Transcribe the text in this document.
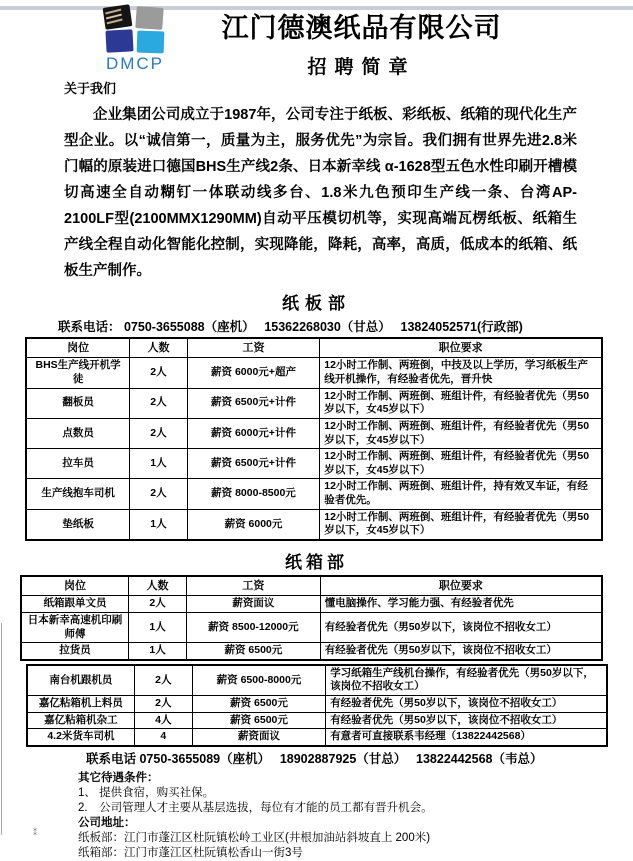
DMCP
江门德澳纸品有限公司
招聘简章
关于我们
企业集团公司成立于1987年，公司专注于纸板、彩纸板、纸箱的现代化生产型企业。以“诚信第一，质量为主，服务优先”为宗旨。我们拥有世界先进2.8米门幅的原装进口德国BHS生产线2条、日本新幸线 α-1628型五色水性印刷开槽模切高速全自动糊钉一体联动线多台、1.8米九色预印生产线一条、台湾AP-2100LF型(2100MMX1290MM)自动平压模切机等，实现高端瓦楞纸板、纸箱生产线全程自动化智能化控制，实现降能，降耗，高率，高质，低成本的纸箱、纸板生产制作。
纸板部
联系电话： 0750-3655088（座机）　 15362268030（甘总）　 13824052571(行政部)
岗位	人数	工资	职位要求
BHS生产线开机学徒	2人	薪资 6000元+超产	12小时工作制、两班倒，中技及以上学历，学习纸板生产线开机操作，有经验者优先，晋升快
翻板员	2人	薪资 6500元+计件	12小时工作制、两班倒、班组计件，有经验者优先（男50岁以下，女45岁以下）
点数员	2人	薪资 6000元+计件	12小时工作制、两班倒、班组计件，有经验者优先（男50岁以下，女45岁以下）
拉车员	1人	薪资 6500元+计件	12小时工作制、两班倒、班组计件，有经验者优先（男50岁以下，女45岁以下）
生产线抱车司机	2人	薪资 8000-8500元	12小时工作制、两班倒、班组计件，持有效叉车证，有经验者优先。
垫纸板	1人	薪资 6000元	12小时工作制、两班倒、班组计件，有经验者优先（男50岁以下，女45岁以下）
纸箱部
岗位	人数	工资	职位要求
纸箱跟单文员	2人	薪资面议	懂电脑操作、学习能力强、有经验者优先
日本新幸高速机印刷师傅	1人	薪资 8500-12000元	有经验者优先（男50岁以下，该岗位不招收女工）
拉货员	1人	薪资 6500元	有经验者优先（男50岁以下，该岗位不招收女工）
南台机跟机员	2人	薪资 6500-8000元	学习纸箱生产线机台操作，有经验者优先（男50岁以下，该岗位不招收女工）
嘉亿粘箱机上料员	2人	薪资 6500元	有经验者优先（男50岁以下，该岗位不招收女工）
嘉亿粘箱机杂工	4人	薪资 6500元	有经验者优先（男50岁以下，该岗位不招收女工）
4.2米货车司机	4	薪资面议	有意者可直接联系韦经理（13822442568）
联系电话 0750-3655089（座机）　 18902887925（甘总）　 13822442568（韦总）
其它待遇条件：
1、 提供食宿，购买社保。
2.　公司管理人才主要从基层选拔，每位有才能的员工都有晋升机会。
公司地址：
纸板部：江门市蓬江区杜阮镇松岭工业区(井根加油站斜坡直上 200米)
纸箱部：江门市蓬江区杜阮镇松香山一街3号
⁑
